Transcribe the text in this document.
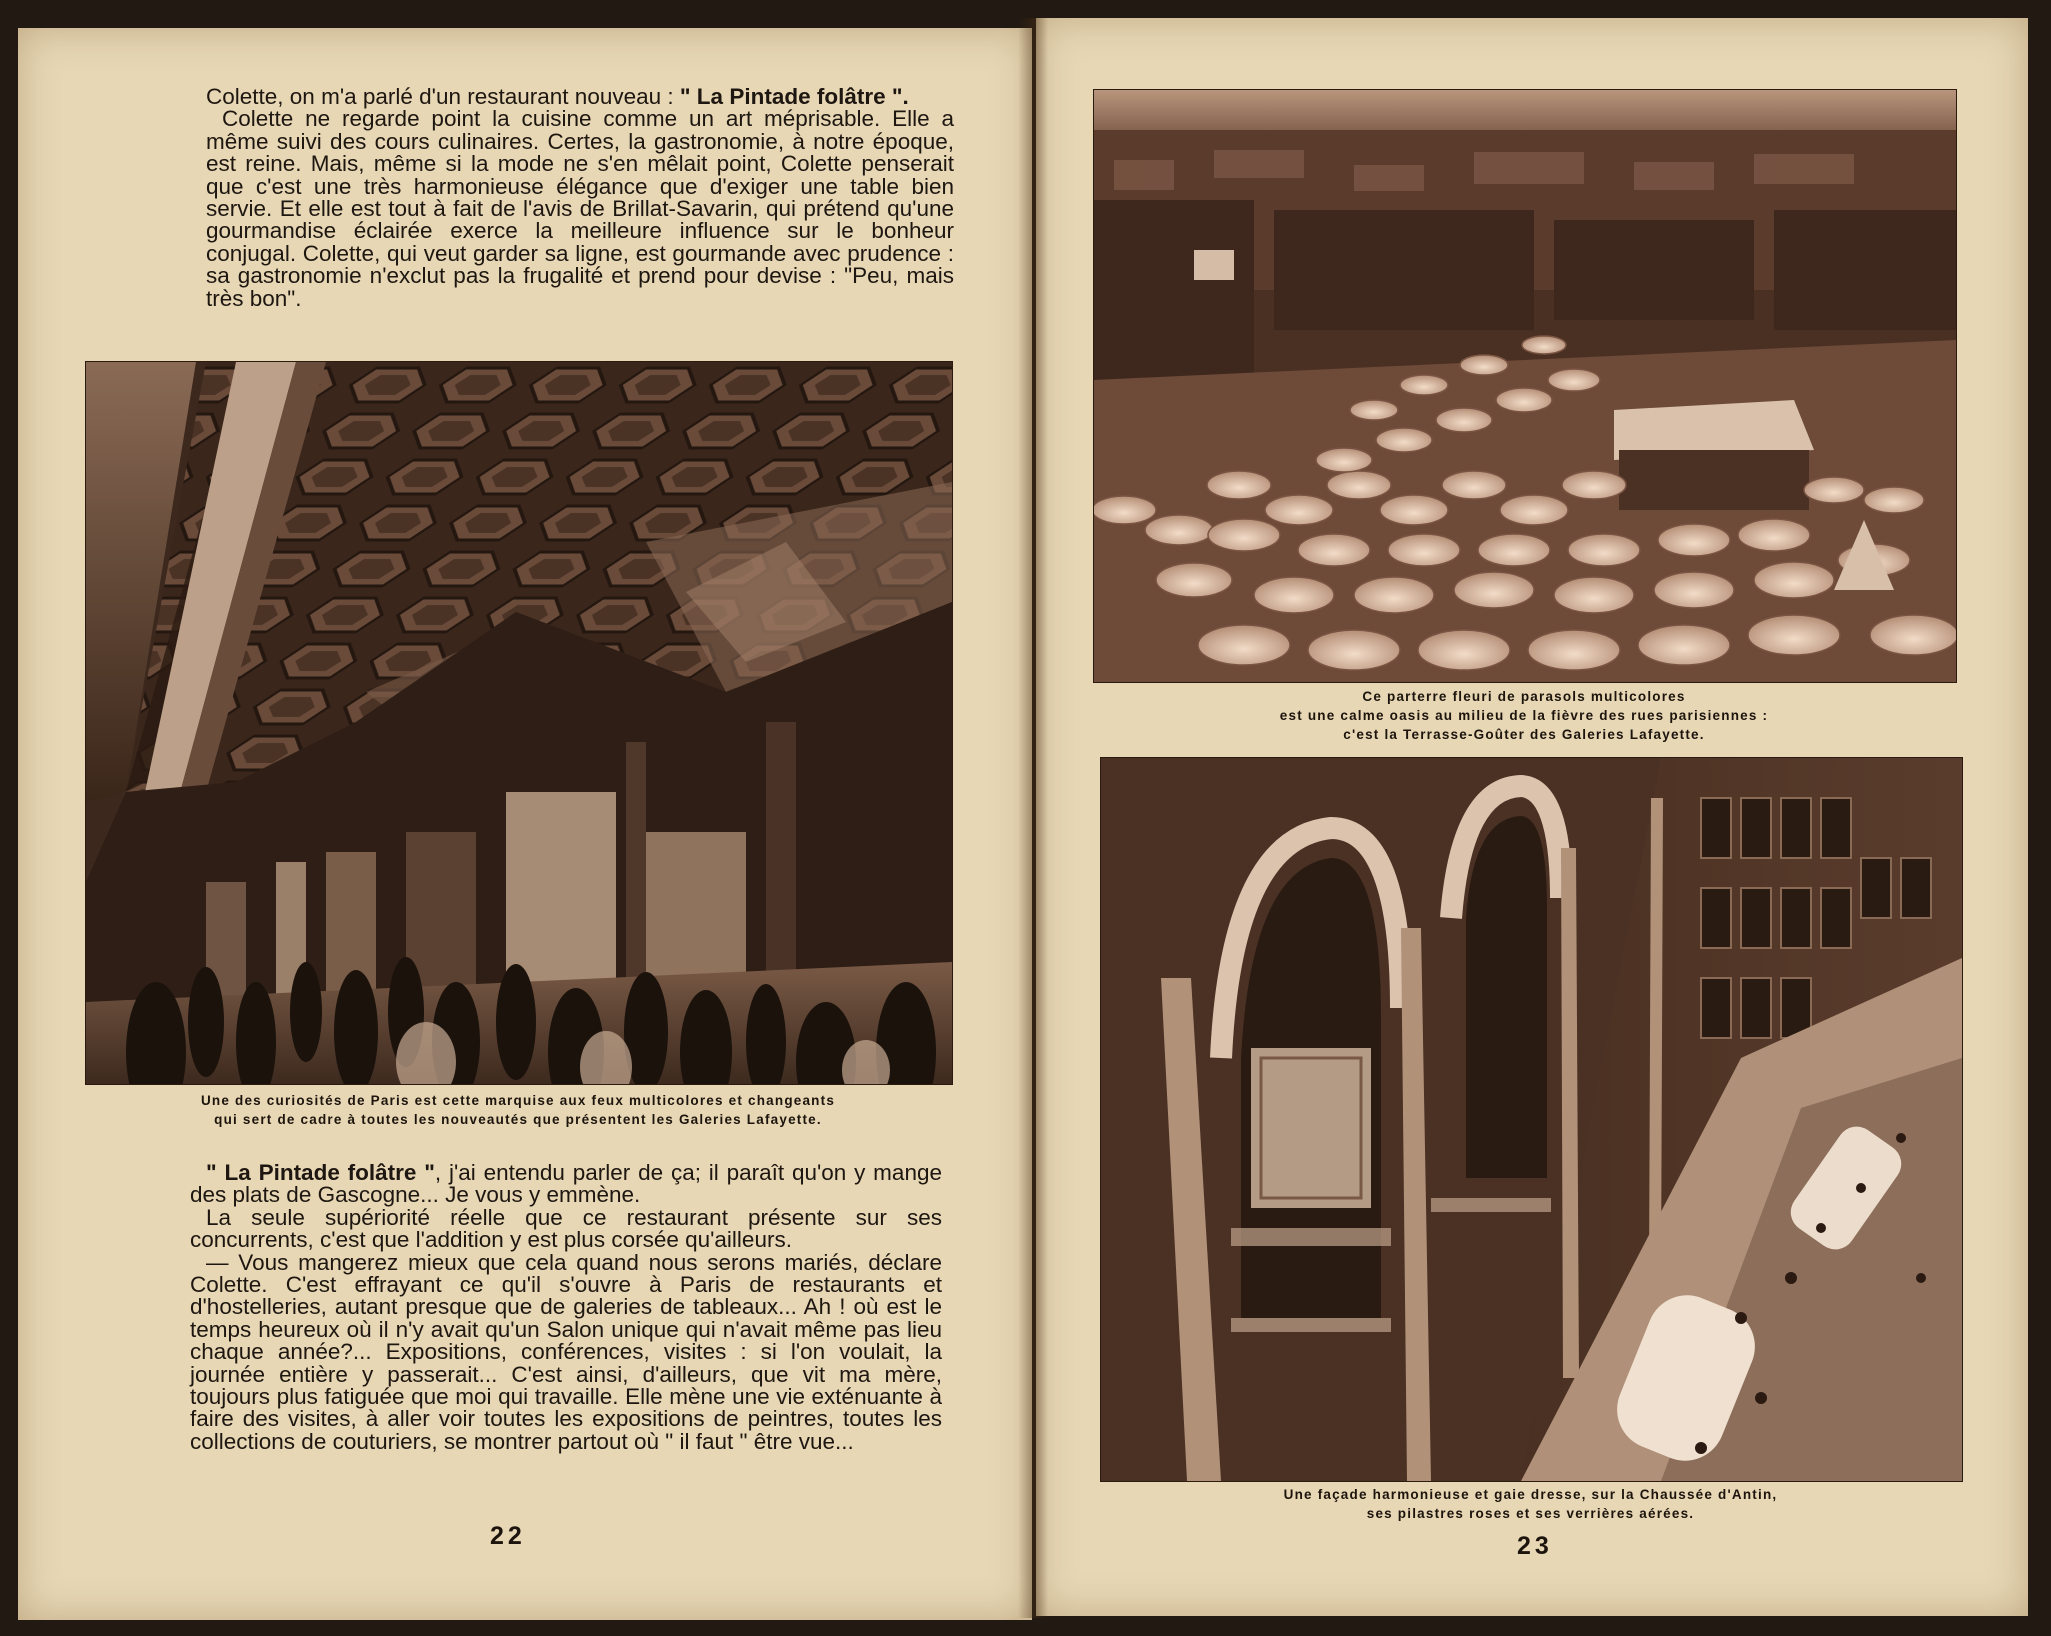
Colette, on m'a parlé d'un restaurant nouveau : " La Pintade folâtre ".

Colette ne regarde point la cuisine comme un art méprisable. Elle a même suivi des cours culinaires. Certes, la gastronomie, à notre époque, est reine. Mais, même si la mode ne s'en mêlait point, Colette penserait que c'est une très harmonieuse élégance que d'exiger une table bien servie. Et elle est tout à fait de l'avis de Brillat-Savarin, qui prétend qu'une gourmandise éclairée exerce la meilleure influence sur le bonheur conjugal. Colette, qui veut garder sa ligne, est gourmande avec prudence : sa gastronomie n'exclut pas la frugalité et prend pour devise : "Peu, mais très bon".

Une des curiosités de Paris est cette marquise aux feux multicolores et changeants
qui sert de cadre à toutes les nouveautés que présentent les Galeries Lafayette.

" La Pintade folâtre ", j'ai entendu parler de ça; il paraît qu'on y mange des plats de Gascogne... Je vous y emmène.

La seule supériorité réelle que ce restaurant présente sur ses concurrents, c'est que l'addition y est plus corsée qu'ailleurs.

— Vous mangerez mieux que cela quand nous serons mariés, déclare Colette. C'est effrayant ce qu'il s'ouvre à Paris de restaurants et d'hostelleries, autant presque que de galeries de tableaux... Ah ! où est le temps heureux où il n'y avait qu'un Salon unique qui n'avait même pas lieu chaque année?... Expositions, conférences, visites : si l'on voulait, la journée entière y passerait... C'est ainsi, d'ailleurs, que vit ma mère, toujours plus fatiguée que moi qui travaille. Elle mène une vie exténuante à faire des visites, à aller voir toutes les expositions de peintres, toutes les collections de couturiers, se montrer partout où " il faut " être vue...

22
Ce parterre fleuri de parasols multicolores
est une calme oasis au milieu de la fièvre des rues parisiennes :
c'est la Terrasse-Goûter des Galeries Lafayette.
Une façade harmonieuse et gaie dresse, sur la Chaussée d'Antin,
ses pilastres roses et ses verrières aérées.
23
